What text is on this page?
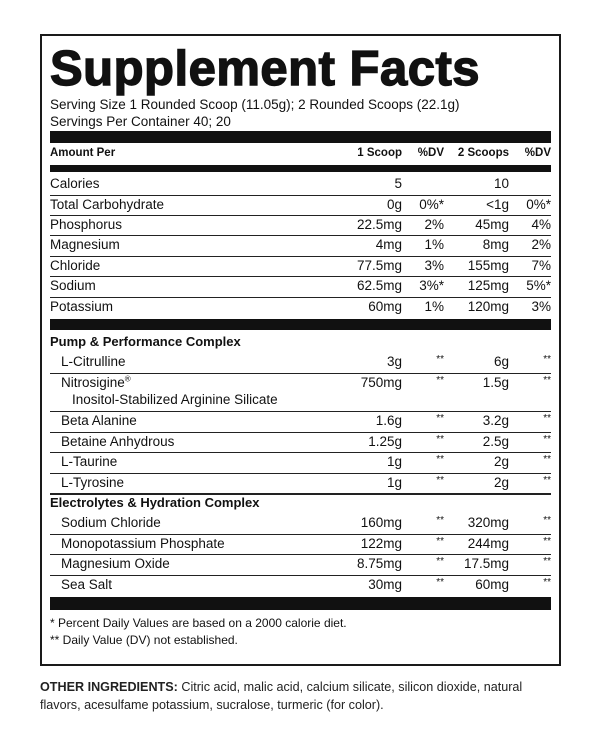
Supplement Facts
Serving Size 1 Rounded Scoop (11.05g); 2 Rounded Scoops (22.1g)
Servings Per Container 40; 20
Amount Per	1 Scoop %DV 2 Scoops %DV
Calories	5	10
Total Carbohydrate	0g 0%*	<1g 0%*
Phosphorus	22.5mg 2% 45mg 4%
Magnesium	4mg 1%	8mg 2%
Chloride	77.5mg 3% 155mg 7%
Sodium	62.5mg 3%* 125mg 5%*
Potassium	60mg 1% 120mg 3%
Pump & Performance Complex
L-Citrulline	3g	**	6g	**
Nitrosigine®
Inositol-Stabilized Arginine Silicate
750mg	**	1.5g	**
Beta Alanine	1.6g	**	3.2g	**
Betaine Anhydrous	1.25g	**	2.5g	**
L-Taurine	1g	**	2g	**
L-Tyrosine	1g	**	2g	**
Electrolytes & Hydration Complex
Sodium Chloride	160mg	** 320mg	**
Monopotassium Phosphate	122mg	** 244mg	**
Magnesium Oxide	8.75mg	** 17.5mg	**
Sea Salt	30mg	** 60mg	**
* Percent Daily Values are based on a 2000 calorie diet.
** Daily Value (DV) not established.
OTHER INGREDIENTS: Citric acid, malic acid, calcium silicate, silicon dioxide, natural flavors, acesulfame potassium, sucralose, turmeric (for color).
